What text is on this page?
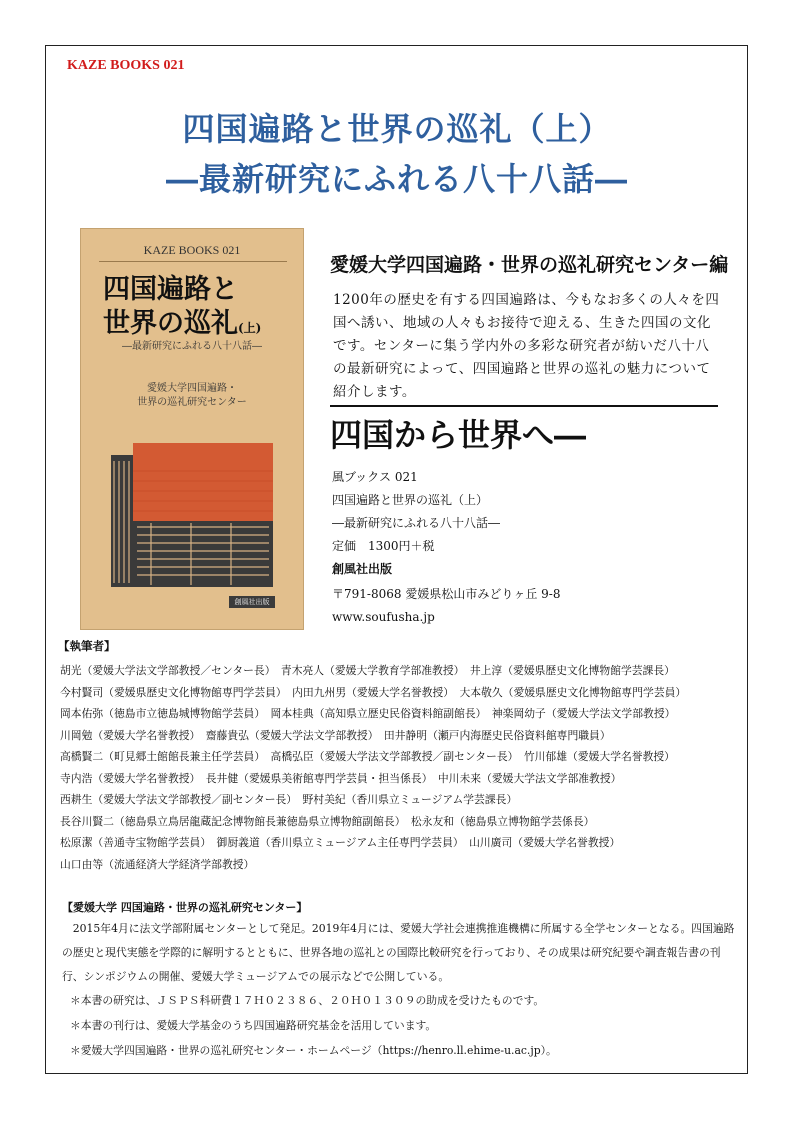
KAZE BOOKS 021
四国遍路と世界の巡礼（上）
―最新研究にふれる八十八話―
KAZE BOOKS 021
四国遍路と
世界の巡礼(上)
―最新研究にふれる八十八話―
愛媛大学四国遍路・
世界の巡礼研究センター
創風社出版
愛媛大学四国遍路・世界の巡礼研究センター編

1200年の歴史を有する四国遍路は、今もなお多くの人々を四国へ誘い、地域の人々もお接待で迎える、生きた四国の文化です。センターに集う学内外の多彩な研究者が紡いだ八十八の最新研究によって、四国遍路と世界の巡礼の魅力について紹介します。

四国から世界へ―
風ブックス 021
四国遍路と世界の巡礼（上）
―最新研究にふれる八十八話―
定価　1300円＋税
創風社出版
〒791-8068 愛媛県松山市みどりヶ丘 9-8
www.soufusha.jp
【執筆者】
胡光（愛媛大学法文学部教授／センター長）　青木亮人（愛媛大学教育学部准教授）　井上淳（愛媛県歴史文化博物館学芸課長）
今村賢司（愛媛県歴史文化博物館専門学芸員）　内田九州男（愛媛大学名誉教授）　大本敬久（愛媛県歴史文化博物館専門学芸員）
岡本佑弥（徳島市立徳島城博物館学芸員）　岡本桂典（高知県立歴史民俗資料館副館長）　神楽岡幼子（愛媛大学法文学部教授）
川岡勉（愛媛大学名誉教授）　齋藤貴弘（愛媛大学法文学部教授）　田井静明（瀬戸内海歴史民俗資料館専門職員）
高橋賢二（町見郷土館館長兼主任学芸員）　高橋弘臣（愛媛大学法文学部教授／副センター長）　竹川郁雄（愛媛大学名誉教授）
寺内浩（愛媛大学名誉教授）　長井健（愛媛県美術館専門学芸員・担当係長）　中川未来（愛媛大学法文学部准教授）
西耕生（愛媛大学法文学部教授／副センター長）　野村美紀（香川県立ミュージアム学芸課長）
長谷川賢二（徳島県立鳥居龍蔵記念博物館長兼徳島県立博物館副館長）　松永友和（徳島県立博物館学芸係長）
松原潔（善通寺宝物館学芸員）　御厨義道（香川県立ミュージアム主任専門学芸員）　山川廣司（愛媛大学名誉教授）
山口由等（流通経済大学経済学部教授）
【愛媛大学 四国遍路・世界の巡礼研究センター】

2015年4月に法文学部附属センターとして発足。2019年4月には、愛媛大学社会連携推進機構に所属する全学センターとなる。四国遍路の歴史と現代実態を学際的に解明するとともに、世界各地の巡礼との国際比較研究を行っており、その成果は研究紀要や調査報告書の刊行、シンポジウムの開催、愛媛大学ミュージアムでの展示などで公開している。

＊本書の研究は、ＪＳＰＳ科研費１７Ｈ０２３８６、２０Ｈ０１３０９の助成を受けたものです。
＊本書の刊行は、愛媛大学基金のうち四国遍路研究基金を活用しています。
＊愛媛大学四国遍路・世界の巡礼研究センター・ホームページ（https://henro.ll.ehime-u.ac.jp）。
